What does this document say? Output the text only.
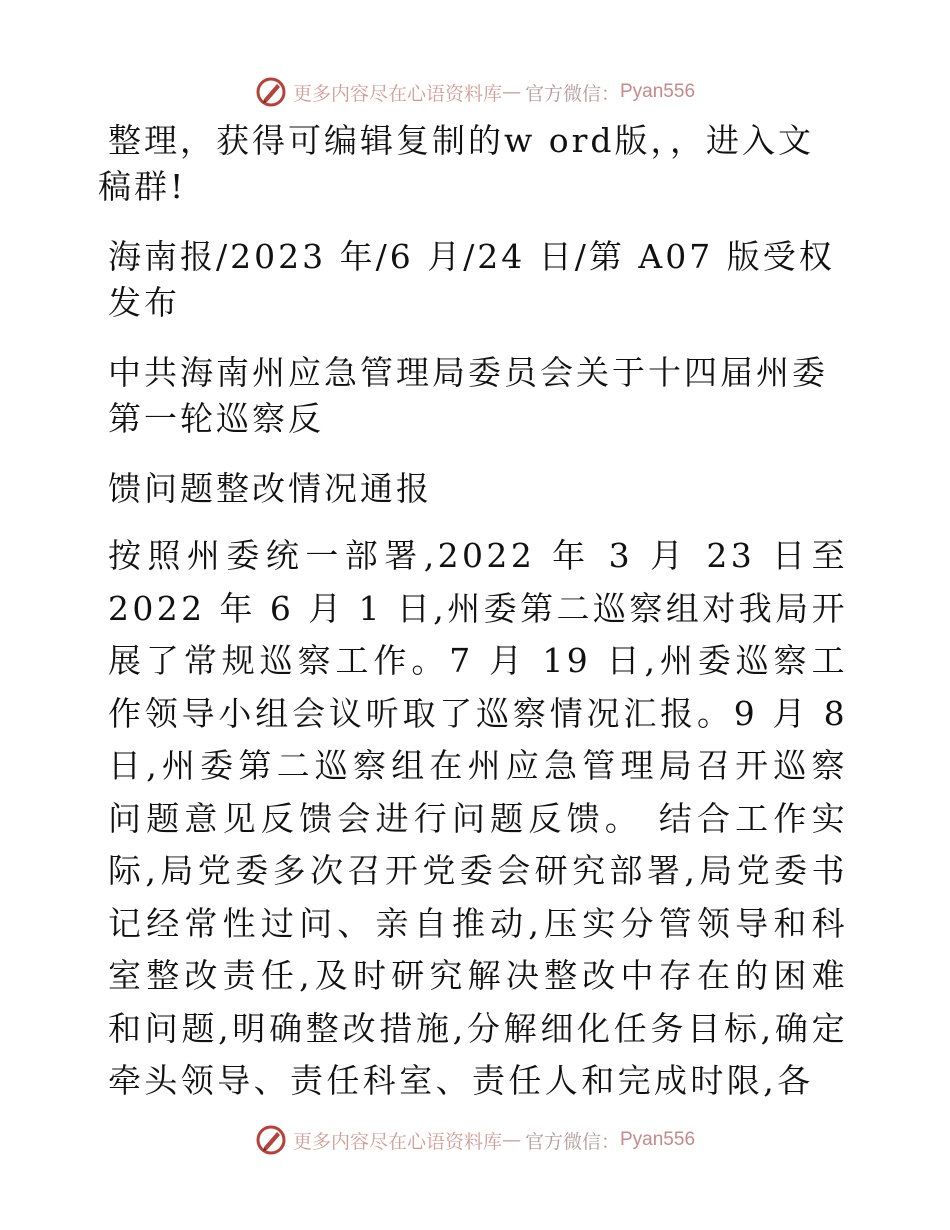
更多内容尽在心语资料库 — 官方微信： Pyan556

整理，获得可编辑复制的w ord版，，进入文稿群!

海南报/2023 年/6 月/24 日/第 A07 版受权发布

中共海南州应急管理局委员会关于十四届州委第一轮巡察反

馈问题整改情况通报

按照州委统一部署,2022 年 3 月 23 日至 2022 年 6 月 1 日,州委第二巡察组对我局开展了常规巡察工作。7 月 19 日,州委巡察工作领导小组会议听取了巡察情况汇报。9 月 8 日,州委第二巡察组在州应急管理局召开巡察问题意见反馈会进行问题反馈。 结合工作实际,局党委多次召开党委会研究部署,局党委书记经常性过问、亲自推动,压实分管领导和科室整改责任,及时研究解决整改中存在的困难和问题,明确整改措施,分解细化任务目标,确定牵头领导、责任科室、责任人和完成时限,各

更多内容尽在心语资料库 — 官方微信： Pyan556
